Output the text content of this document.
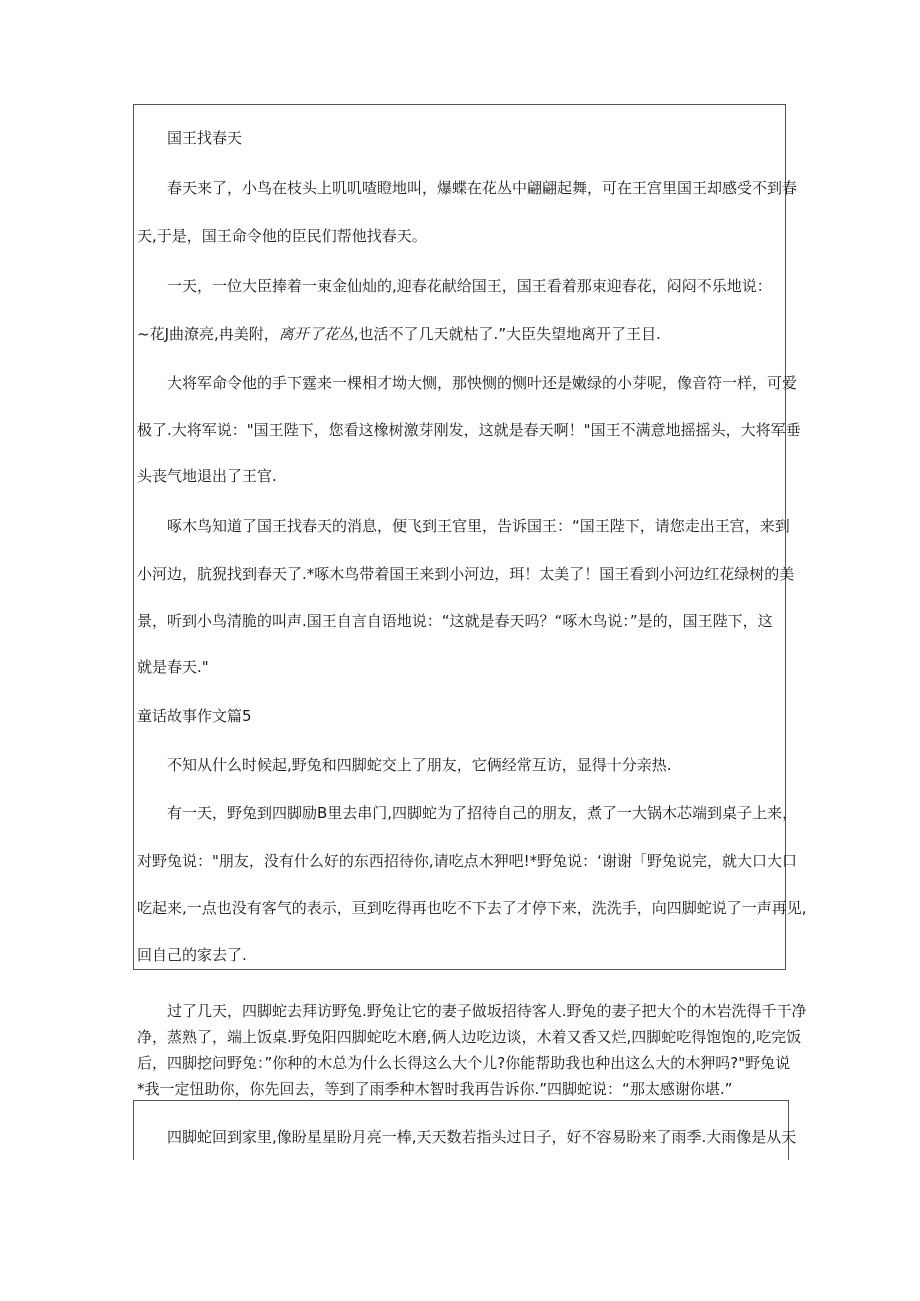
国王找春天
春天来了，小鸟在枝头上叽叽喳瞪地叫，爆蝶在花丛中翩翩起舞，可在王宫里国王却感受不到春
天,于是，国王命令他的臣民们帮他找春天。
一天，一位大臣捧着一束金仙灿的,迎春花献给国王，国王看着那束迎春花，闷闷不乐地说：
~花J曲潦亮,冉美附，离开了花丛,也活不了几天就枯了.”大臣失望地离开了王目.
大将军命令他的手下霆来一棵相才坳大恻，那怏恻的恻叶还是嫩绿的小芽呢，像音符一样，可爱
极了.大将军说："国王陛下，您看这橡树激芽刚发，这就是春天啊！"国王不满意地摇摇头，大将军垂
头丧气地退出了王官.
啄木鸟知道了国王找春天的消息，便飞到王官里，告诉国王：“国王陛下，请您走出王宫，来到
小河边，肮猊找到春天了.*啄木鸟带着国王来到小河边，珥！太美了！国王看到小河边红花绿树的美
景，听到小鸟清脆的叫声.国王自言自语地说：“这就是春天吗？“啄木鸟说：”是的，国王陛下，这
就是春天."
童话故事作文篇5
不知从什么时候起,野兔和四脚蛇交上了朋友，它俩经常互访，显得十分亲热.
有一天，野兔到四脚励B里去串门,四脚蛇为了招待自己的朋友，煮了一大锅木芯端到桌子上来，
对野兔说："朋友，没有什么好的东西招待你,请吃点木狎吧!*野兔说：‘谢谢「野兔说完，就大口大口
吃起来,一点也没有客气的表示，亘到吃得再也吃不下去了才停下来，洗洗手，向四脚蛇说了一声再见,
回自己的家去了.
过了几天，四脚蛇去拜访野兔.野兔让它的妻子做坂招待客人.野兔的妻子把大个的木岩洗得千干净
净，蒸熟了，端上饭桌.野兔阳四脚蛇吃木磨,俩人边吃边谈，木着又香又烂,四脚蛇吃得饱饱的,吃完饭
后，四脚挖问野兔：”你种的木总为什么长得这么大个儿?你能帮助我也种出这么大的木狎吗?"野兔说
*我一定忸助你，你先回去，等到了雨季种木智时我再告诉你.”四脚蛇说：“那太感谢你堪.”
四脚蛇回到家里,像盼星星盼月亮一棒,天天数若指头过日子，好不容易盼来了雨季.大雨像是从天
